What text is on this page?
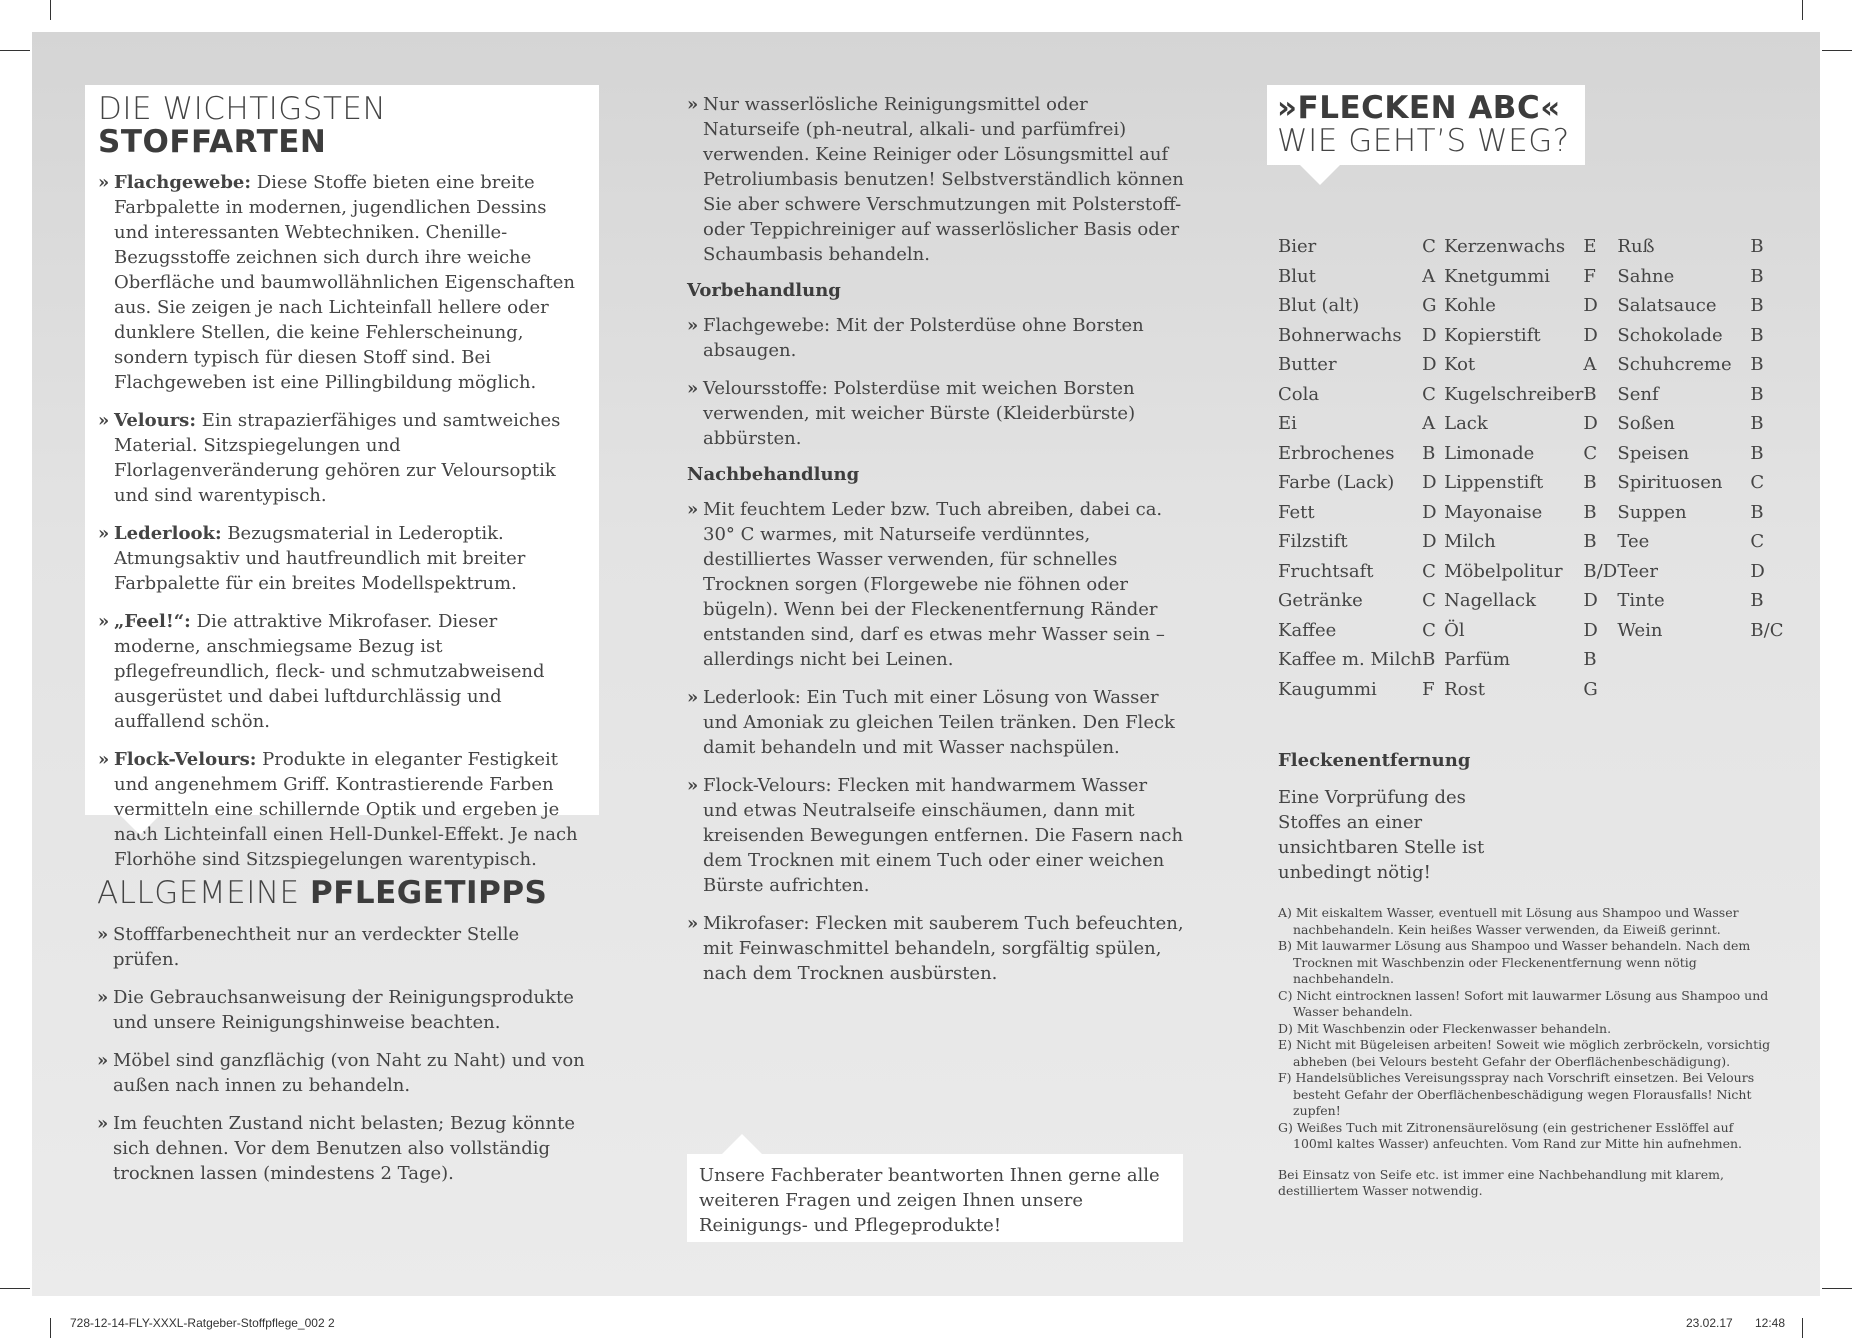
DIE WICHTIGSTEN
STOFFARTEN
» Flachgewebe: Diese Stoffe bieten eine breite Farbpalette in modernen, jugendlichen Dessins und interessanten Webtechniken. Chenille-Bezugsstoffe zeichnen sich durch ihre weiche Oberfläche und baumwollähnlichen Eigenschaften aus. Sie zeigen je nach Lichteinfall hellere oder dunklere Stellen, die keine Fehlerscheinung, sondern typisch für diesen Stoff sind. Bei Flachgeweben ist eine Pillingbildung möglich.
» Velours: Ein strapazierfähiges und samtweiches Material. Sitzspiegelungen und Florlagenveränderung gehören zur Veloursoptik und sind warentypisch.
» Lederlook: Bezugsmaterial in Lederoptik. Atmungsaktiv und hautfreundlich mit breiter Farbpalette für ein breites Modellspektrum.
» „Feel!“: Die attraktive Mikrofaser. Dieser moderne, anschmiegsame Bezug ist pflegefreundlich, fleck- und schmutzabweisend ausgerüstet und dabei luftdurchlässig und auffallend schön.
» Flock-Velours: Produkte in eleganter Festigkeit und angenehmem Griff. Kontrastierende Farben vermitteln eine schillernde Optik und ergeben je nach Lichteinfall einen Hell-Dunkel-Effekt. Je nach Florhöhe sind Sitzspiegelungen warentypisch.
ALLGEMEINE PFLEGETIPPS
» Stofffarbenechtheit nur an verdeckter Stelle prüfen.
» Die Gebrauchsanweisung der Reinigungsprodukte und unsere Reinigungshinweise beachten.
» Möbel sind ganzflächig (von Naht zu Naht) und von außen nach innen zu behandeln.
» Im feuchten Zustand nicht belasten; Bezug könnte sich dehnen. Vor dem Benutzen also vollständig trocknen lassen (mindestens 2 Tage).
» Nur wasserlösliche Reinigungsmittel oder Naturseife (ph-neutral, alkali- und parfümfrei) verwenden. Keine Reiniger oder Lösungsmittel auf Petroliumbasis benutzen! Selbstverständlich können Sie aber schwere Verschmutzungen mit Polsterstoff- oder Teppichreiniger auf wasserlöslicher Basis oder Schaumbasis behandeln.
Vorbehandlung
» Flachgewebe: Mit der Polsterdüse ohne Borsten absaugen.
» Veloursstoffe: Polsterdüse mit weichen Borsten verwenden, mit weicher Bürste (Kleiderbürste) abbürsten.
Nachbehandlung
» Mit feuchtem Leder bzw. Tuch abreiben, dabei ca. 30° C warmes, mit Naturseife verdünntes, destilliertes Wasser verwenden, für schnelles Trocknen sorgen (Florgewebe nie föhnen oder bügeln). Wenn bei der Fleckenentfernung Ränder entstanden sind, darf es etwas mehr Wasser sein – allerdings nicht bei Leinen.
» Lederlook: Ein Tuch mit einer Lösung von Wasser und Amoniak zu gleichen Teilen tränken. Den Fleck damit behandeln und mit Wasser nachspülen.
» Flock-Velours: Flecken mit handwarmem Wasser und etwas Neutralseife einschäumen, dann mit kreisenden Bewegungen entfernen. Die Fasern nach dem Trocknen mit einem Tuch oder einer weichen Bürste aufrichten.
» Mikrofaser: Flecken mit sauberem Tuch befeuchten, mit Feinwaschmittel behandeln, sorgfältig spülen, nach dem Trocknen ausbürsten.
Unsere Fachberater beantworten Ihnen gerne alle weiteren Fragen und zeigen Ihnen unsere Reinigungs- und Pflegeprodukte!
»FLECKEN ABC«
WIE GEHT’S WEG?
Bier	C	Kerzenwachs	E	Ruß	B
Blut	A	Knetgummi	F	Sahne	B
Blut (alt)	G	Kohle	D	Salatsauce	B
Bohnerwachs	D	Kopierstift	D	Schokolade	B
Butter	D	Kot	A	Schuhcreme	B
Cola	C	Kugelschreiber	B	Senf	B
Ei	A	Lack	D	Soßen	B
Erbrochenes	B	Limonade	C	Speisen	B
Farbe (Lack)	D	Lippenstift	B	Spirituosen	C
Fett	D	Mayonaise	B	Suppen	B
Filzstift	D	Milch	B	Tee	C
Fruchtsaft	C	Möbelpolitur	B/D	Teer	D
Getränke	C	Nagellack	D	Tinte	B
Kaffee	C	Öl	D	Wein	B/C
Kaffee m. Milch	B	Parfüm	B		
Kaugummi	F	Rost	G		
Fleckenentfernung
Eine Vorprüfung des Stoffes an einer unsichtbaren Stelle ist unbedingt nötig!
A) Mit eiskaltem Wasser, eventuell mit Lösung aus Shampoo und Wasser nachbehandeln. Kein heißes Wasser verwenden, da Eiweiß gerinnt.
B) Mit lauwarmer Lösung aus Shampoo und Wasser behandeln. Nach dem Trocknen mit Waschbenzin oder Fleckenentfernung wenn nötig nachbehandeln.
C) Nicht eintrocknen lassen! Sofort mit lauwarmer Lösung aus Shampoo und Wasser behandeln.
D) Mit Waschbenzin oder Fleckenwasser behandeln.
E) Nicht mit Bügeleisen arbeiten! Soweit wie möglich zerbröckeln, vorsichtig abheben (bei Velours besteht Gefahr der Oberflächenbeschädigung).
F) Handelsübliches Vereisungsspray nach Vorschrift einsetzen. Bei Velours besteht Gefahr der Oberflächenbeschädigung wegen Florausfalls! Nicht zupfen!
G) Weißes Tuch mit Zitronensäurelösung (ein gestrichener Esslöffel auf 100ml kaltes Wasser) anfeuchten. Vom Rand zur Mitte hin aufnehmen.
Bei Einsatz von Seife etc. ist immer eine Nachbehandlung mit klarem, destilliertem Wasser notwendig.
728-12-14-FLY-XXXL-Ratgeber-Stoffpflege_002 2	23.02.17 12:48
